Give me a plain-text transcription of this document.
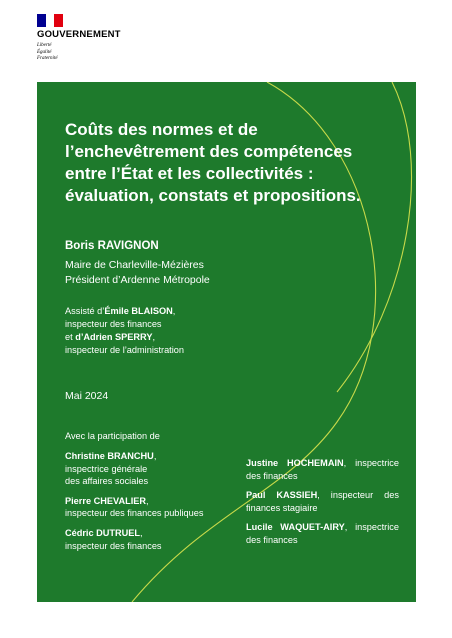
GOUVERNEMENT
Liberté
Égalité
Fraternité
Coûts des normes et de
l’enchevêtrement des compétences
entre l’État et les collectivités :
évaluation, constats et propositions.
Boris RAVIGNON
Maire de Charleville-Mézières
Président d’Ardenne Métropole
Assisté d’Émile BLAISON,
inspecteur des finances
et d’Adrien SPERRY,
inspecteur de l’administration
Mai 2024
Avec la participation de
Christine BRANCHU,
inspectrice générale
des affaires sociales
Pierre CHEVALIER,
inspecteur des finances publiques
Cédric DUTRUEL,
inspecteur des finances
Justine HOCHEMAIN, inspectrice des finances
Paul KASSIEH, inspecteur des finances stagiaire
Lucile WAQUET-AIRY, inspectrice des finances
